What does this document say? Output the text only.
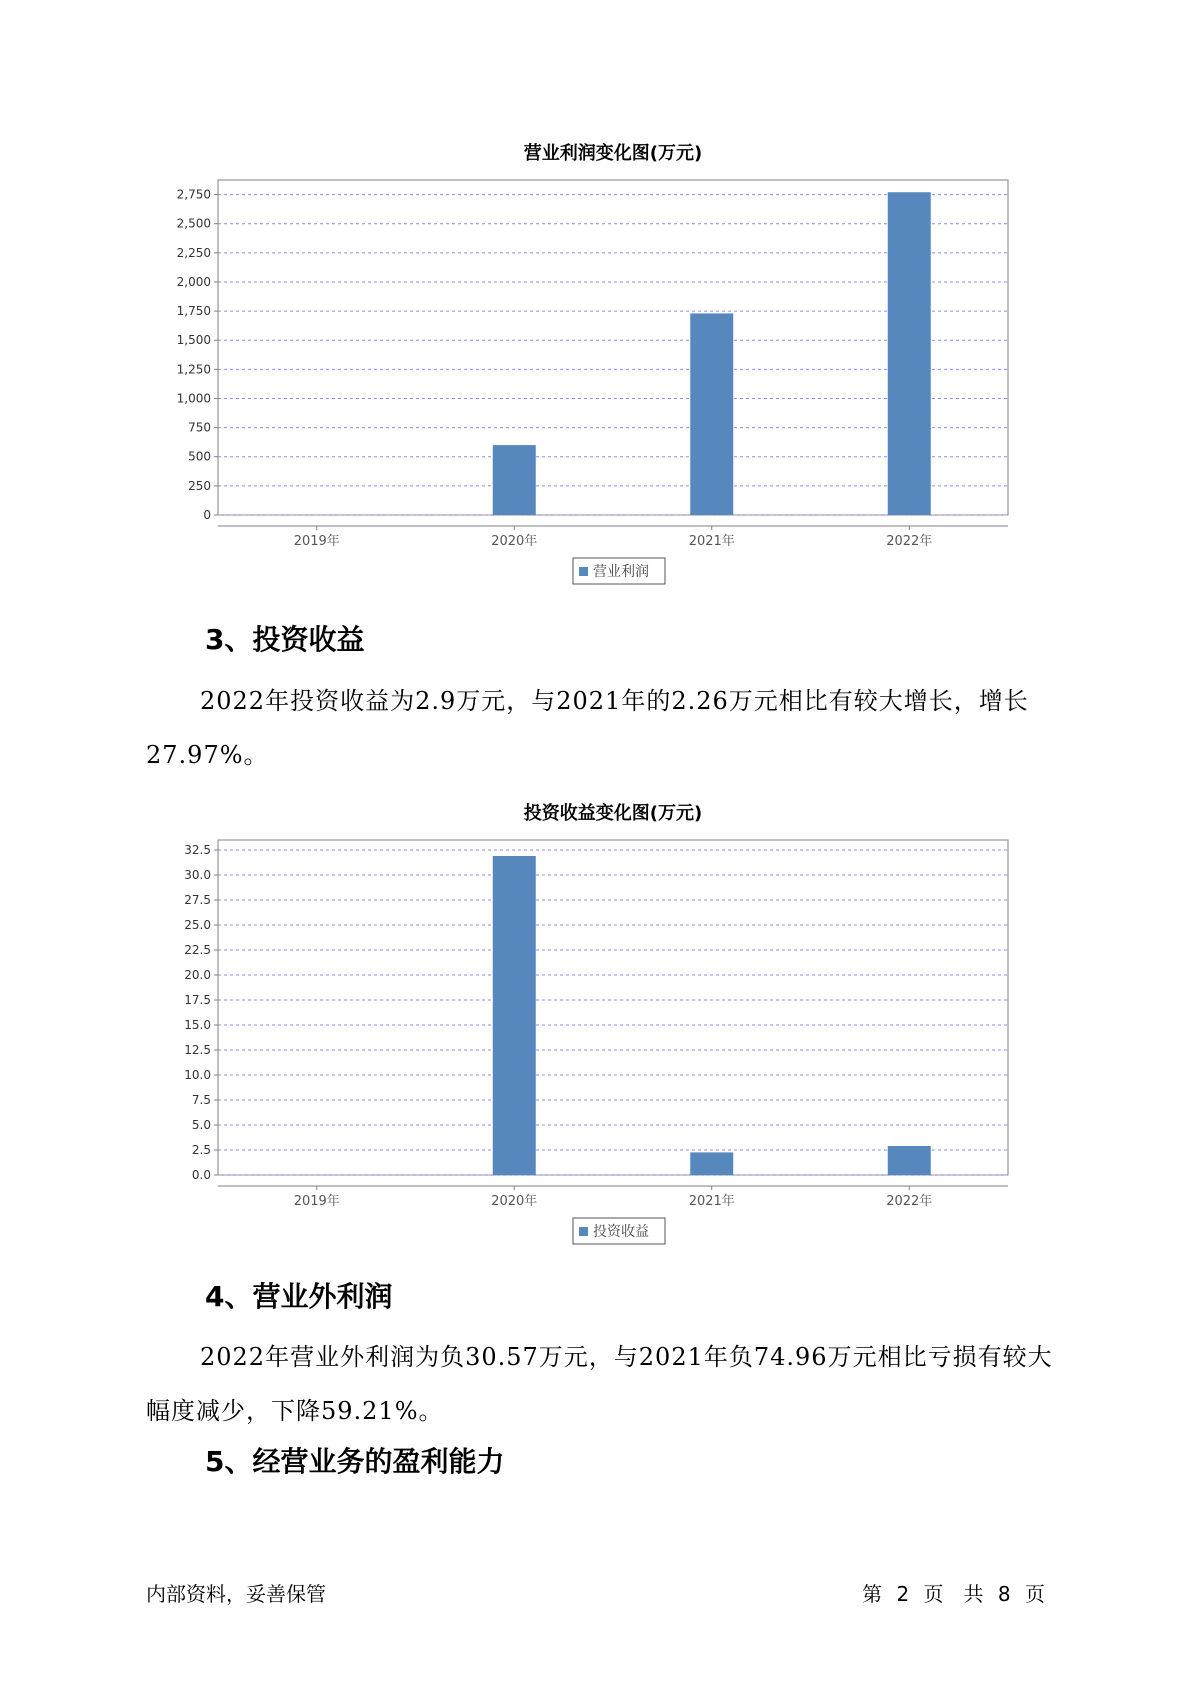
营业利润变化图(万元)
0
250
500
750
1,000
1,250
1,500
1,750
2,000
2,250
2,500
2,750
2019年	2020年	2021年	2022年
营业利润
3、投资收益

2022年投资收益为2.9万元，与2021年的2.26万元相比有较大增长，增长27.97%。

投资收益变化图(万元)
0.0
2.5
5.0
7.5
10.0
12.5
15.0
17.5
20.0
22.5
25.0
27.5
30.0
32.5
2019年	2020年	2021年	2022年
投资收益
4、营业外利润

2022年营业外利润为负30.57万元，与2021年负74.96万元相比亏损有较大幅度减少，下降59.21%。

5、经营业务的盈利能力
内部资料，妥善保管	第 2 页　共 8 页
